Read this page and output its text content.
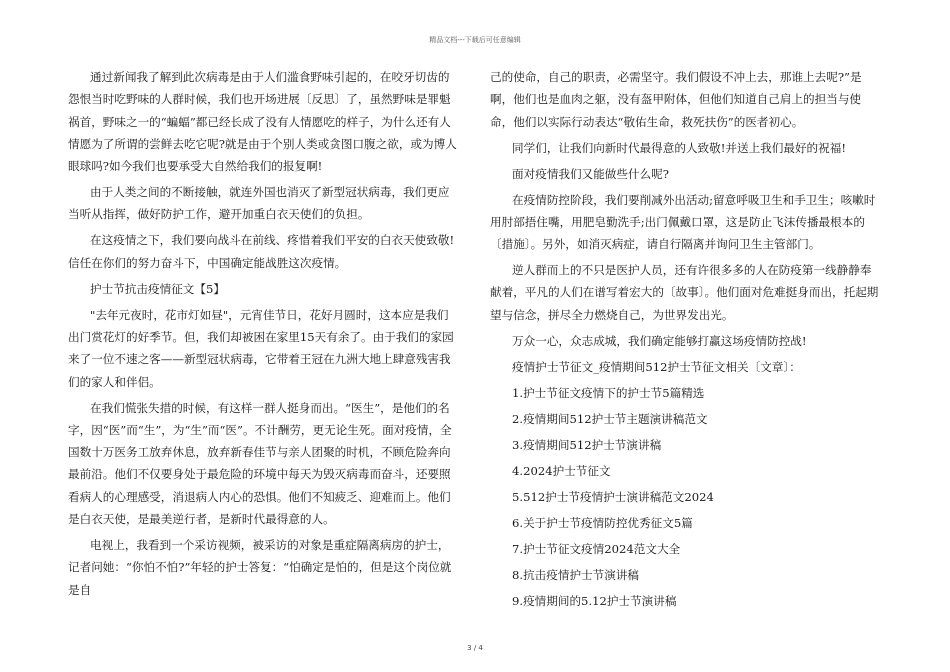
精品文档---下载后可任意编辑

通过新闻我了解到此次病毒是由于人们滥食野味引起的，在咬牙切齿的怨恨当时吃野味的人群时候，我们也开场进展〔反思〕了，虽然野味是罪魁祸首，野味之一的“蝙蝠”都已经长成了没有人情愿吃的样子，为什么还有人情愿为了所谓的尝鲜去吃它呢?就是由于个别人类或贪图口腹之欲，或为博人眼球吗?如今我们也要承受大自然给我们的报复啊!

由于人类之间的不断接触，就连外国也消灭了新型冠状病毒，我们更应当听从指挥，做好防护工作，避开加重白衣天使们的负担。

在这疫情之下，我们要向战斗在前线、疼惜着我们平安的白衣天使致敬!信任在你们的努力奋斗下，中国确定能战胜这次疫情。

护士节抗击疫情征文【5】

"去年元夜时，花市灯如昼"，元宵佳节日，花好月圆时，这本应是我们出门赏花灯的好季节。但，我们却被困在家里15天有余了。由于我们的家园来了一位不速之客——新型冠状病毒，它带着王冠在九洲大地上肆意残害我们的家人和伴侣。

在我们慌张失措的时候，有这样一群人挺身而出。“医生”，是他们的名字，因“医”而“生”，为“生”而“医”。不计酬劳，更无论生死。面对疫情，全国数十万医务工放弃休息，放弃新春佳节与亲人团聚的时机，不顾危险奔向最前沿。他们不仅要身处于最危险的环境中每天为毁灭病毒而奋斗，还要照看病人的心理感受，消退病人内心的恐惧。他们不知疲乏、迎难而上。他们是白衣天使，是最美逆行者，是新时代最得意的人。

电视上，我看到一个采访视频，被采访的对象是重症隔离病房的护士，记者问她：“你怕不怕?”年轻的护士答复：“怕确定是怕的，但是这个岗位就是自

己的使命，自己的职责，必需坚守。我们假设不冲上去，那谁上去呢?”是啊，他们也是血肉之躯，没有盔甲附体，但他们知道自己肩上的担当与使命，他们以实际行动表达“敬佑生命，救死扶伤”的医者初心。

同学们，让我们向新时代最得意的人致敬!并送上我们最好的祝福!

面对疫情我们又能做些什么呢?

在疫情防控阶段，我们要削减外出活动;留意呼吸卫生和手卫生；咳嗽时用肘部捂住嘴，用肥皂勤洗手;出门佩戴口罩，这是防止飞沫传播最根本的〔措施〕。另外，如消灭病症，请自行隔离并询问卫生主管部门。

逆人群而上的不只是医护人员，还有许很多多的人在防疫第一线静静奉献着，平凡的人们在谱写着宏大的〔故事〕。他们面对危难挺身而出，托起期望与信念，拼尽全力燃烧自己，为世界发出光。

万众一心，众志成城，我们确定能够打赢这场疫情防控战!

疫情护士节征文_疫情期间512护士节征文相关〔文章〕：

1.护士节征文疫情下的护士节5篇精选

2.疫情期间512护士节主题演讲稿范文

3.疫情期间512护士节演讲稿

4.2024护士节征文

5.512护士节疫情护士演讲稿范文2024

6.关于护士节疫情防控优秀征文5篇

7.护士节征文疫情2024范文大全

8.抗击疫情护士节演讲稿

9.疫情期间的5.12护士节演讲稿

3 / 4
